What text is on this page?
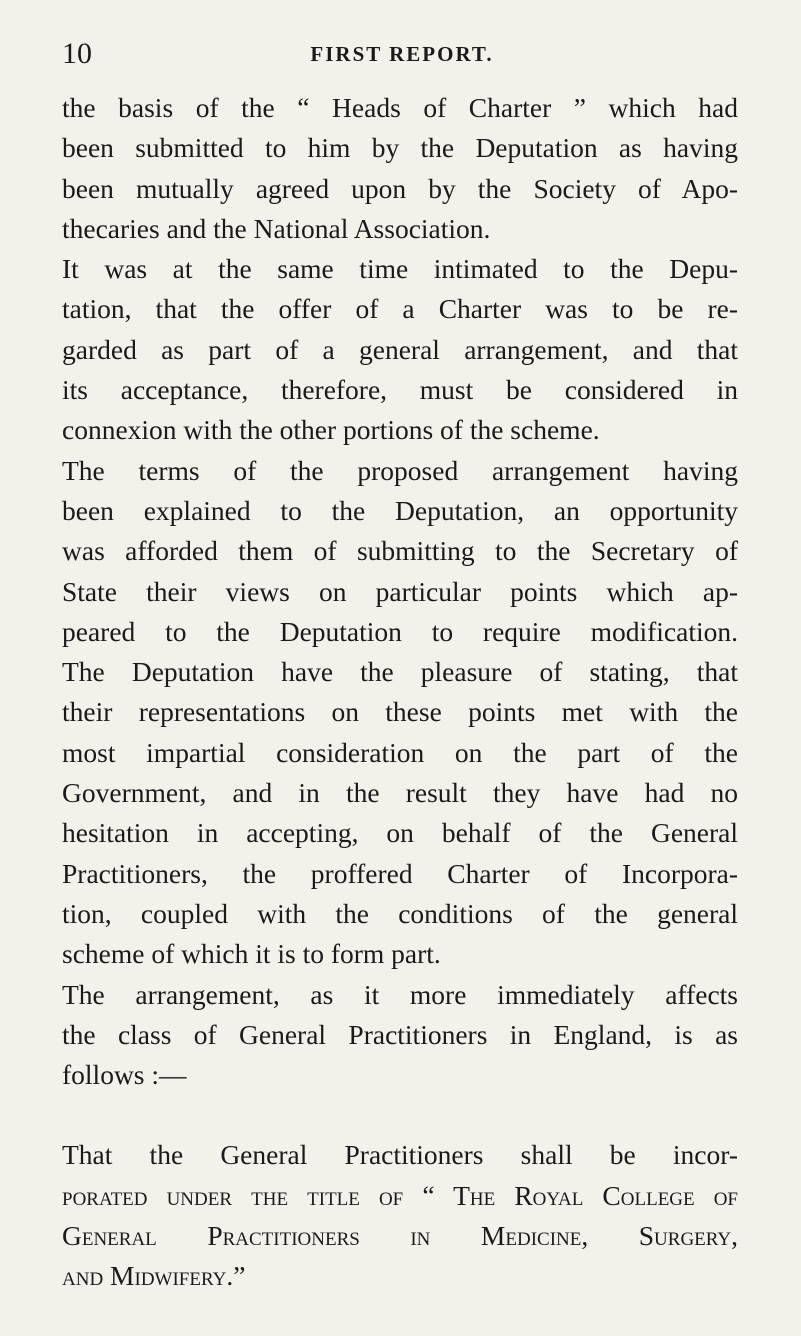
10	FIRST REPORT.
the basis of the “ Heads of Charter ” which had
been submitted to him by the Deputation as having
been mutually agreed upon by the Society of Apo-
thecaries and the National Association.
It was at the same time intimated to the Depu-
tation, that the offer of a Charter was to be re-
garded as part of a general arrangement, and that
its acceptance, therefore, must be considered in
connexion with the other portions of the scheme.
The terms of the proposed arrangement having
been explained to the Deputation, an opportunity
was afforded them of submitting to the Secretary of
State their views on particular points which ap-
peared to the Deputation to require modification.
The Deputation have the pleasure of stating, that
their representations on these points met with the
most impartial consideration on the part of the
Government, and in the result they have had no
hesitation in accepting, on behalf of the General
Practitioners, the proffered Charter of Incorpora-
tion, coupled with the conditions of the general
scheme of which it is to form part.
The arrangement, as it more immediately affects
the class of General Practitioners in England, is as
follows :—
That the General Practitioners shall be incor-
porated under the title of “ The Royal College of
General Practitioners in Medicine, Surgery,
and Midwifery.”
